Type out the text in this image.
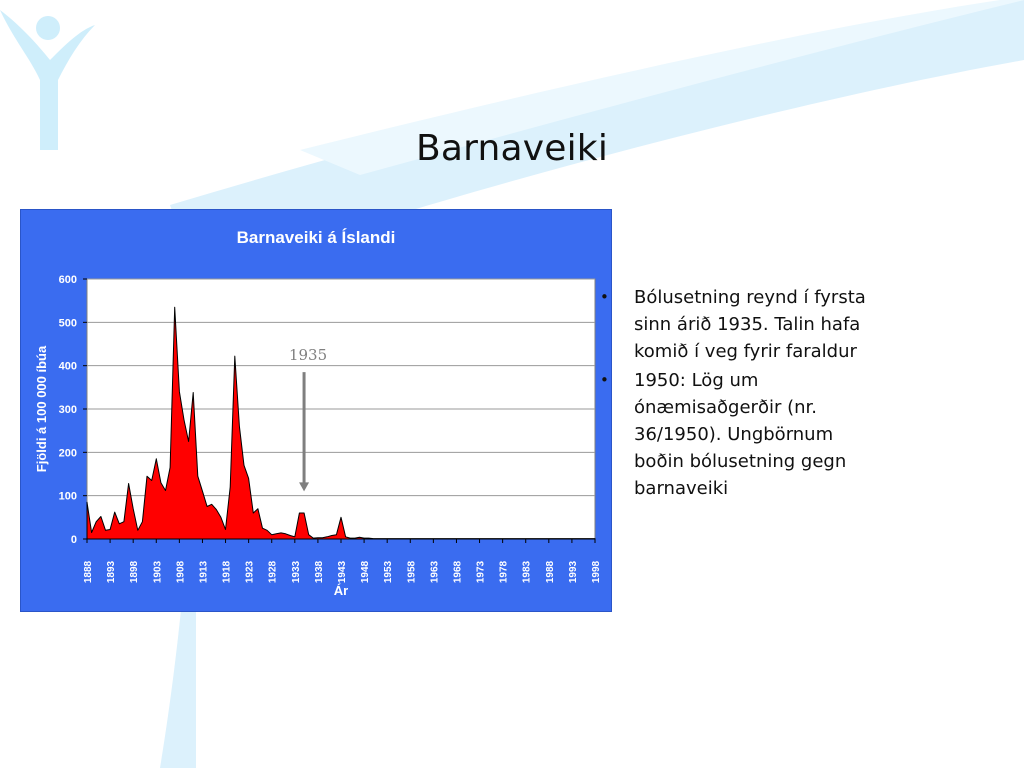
Barnaveiki
Barnaveiki á Íslandi
0
100
200
300
400
500
600
1888 1893 1898 1903 1908 1913 1918 1923 1928 1933 1938 1943 1948 1953 1958 1963 1968 1973 1978 1983 1988 1993 1998
Ár
Fjöldi á 100 000 íbúa	1935
• Bólusetning reynd í fyrsta sinn árið 1935. Talin hafa komið í veg fyrir faraldur
• 1950: Lög um ónæmisaðgerðir (nr. 36/1950). Ungbörnum boðin bólusetning gegn barnaveiki
